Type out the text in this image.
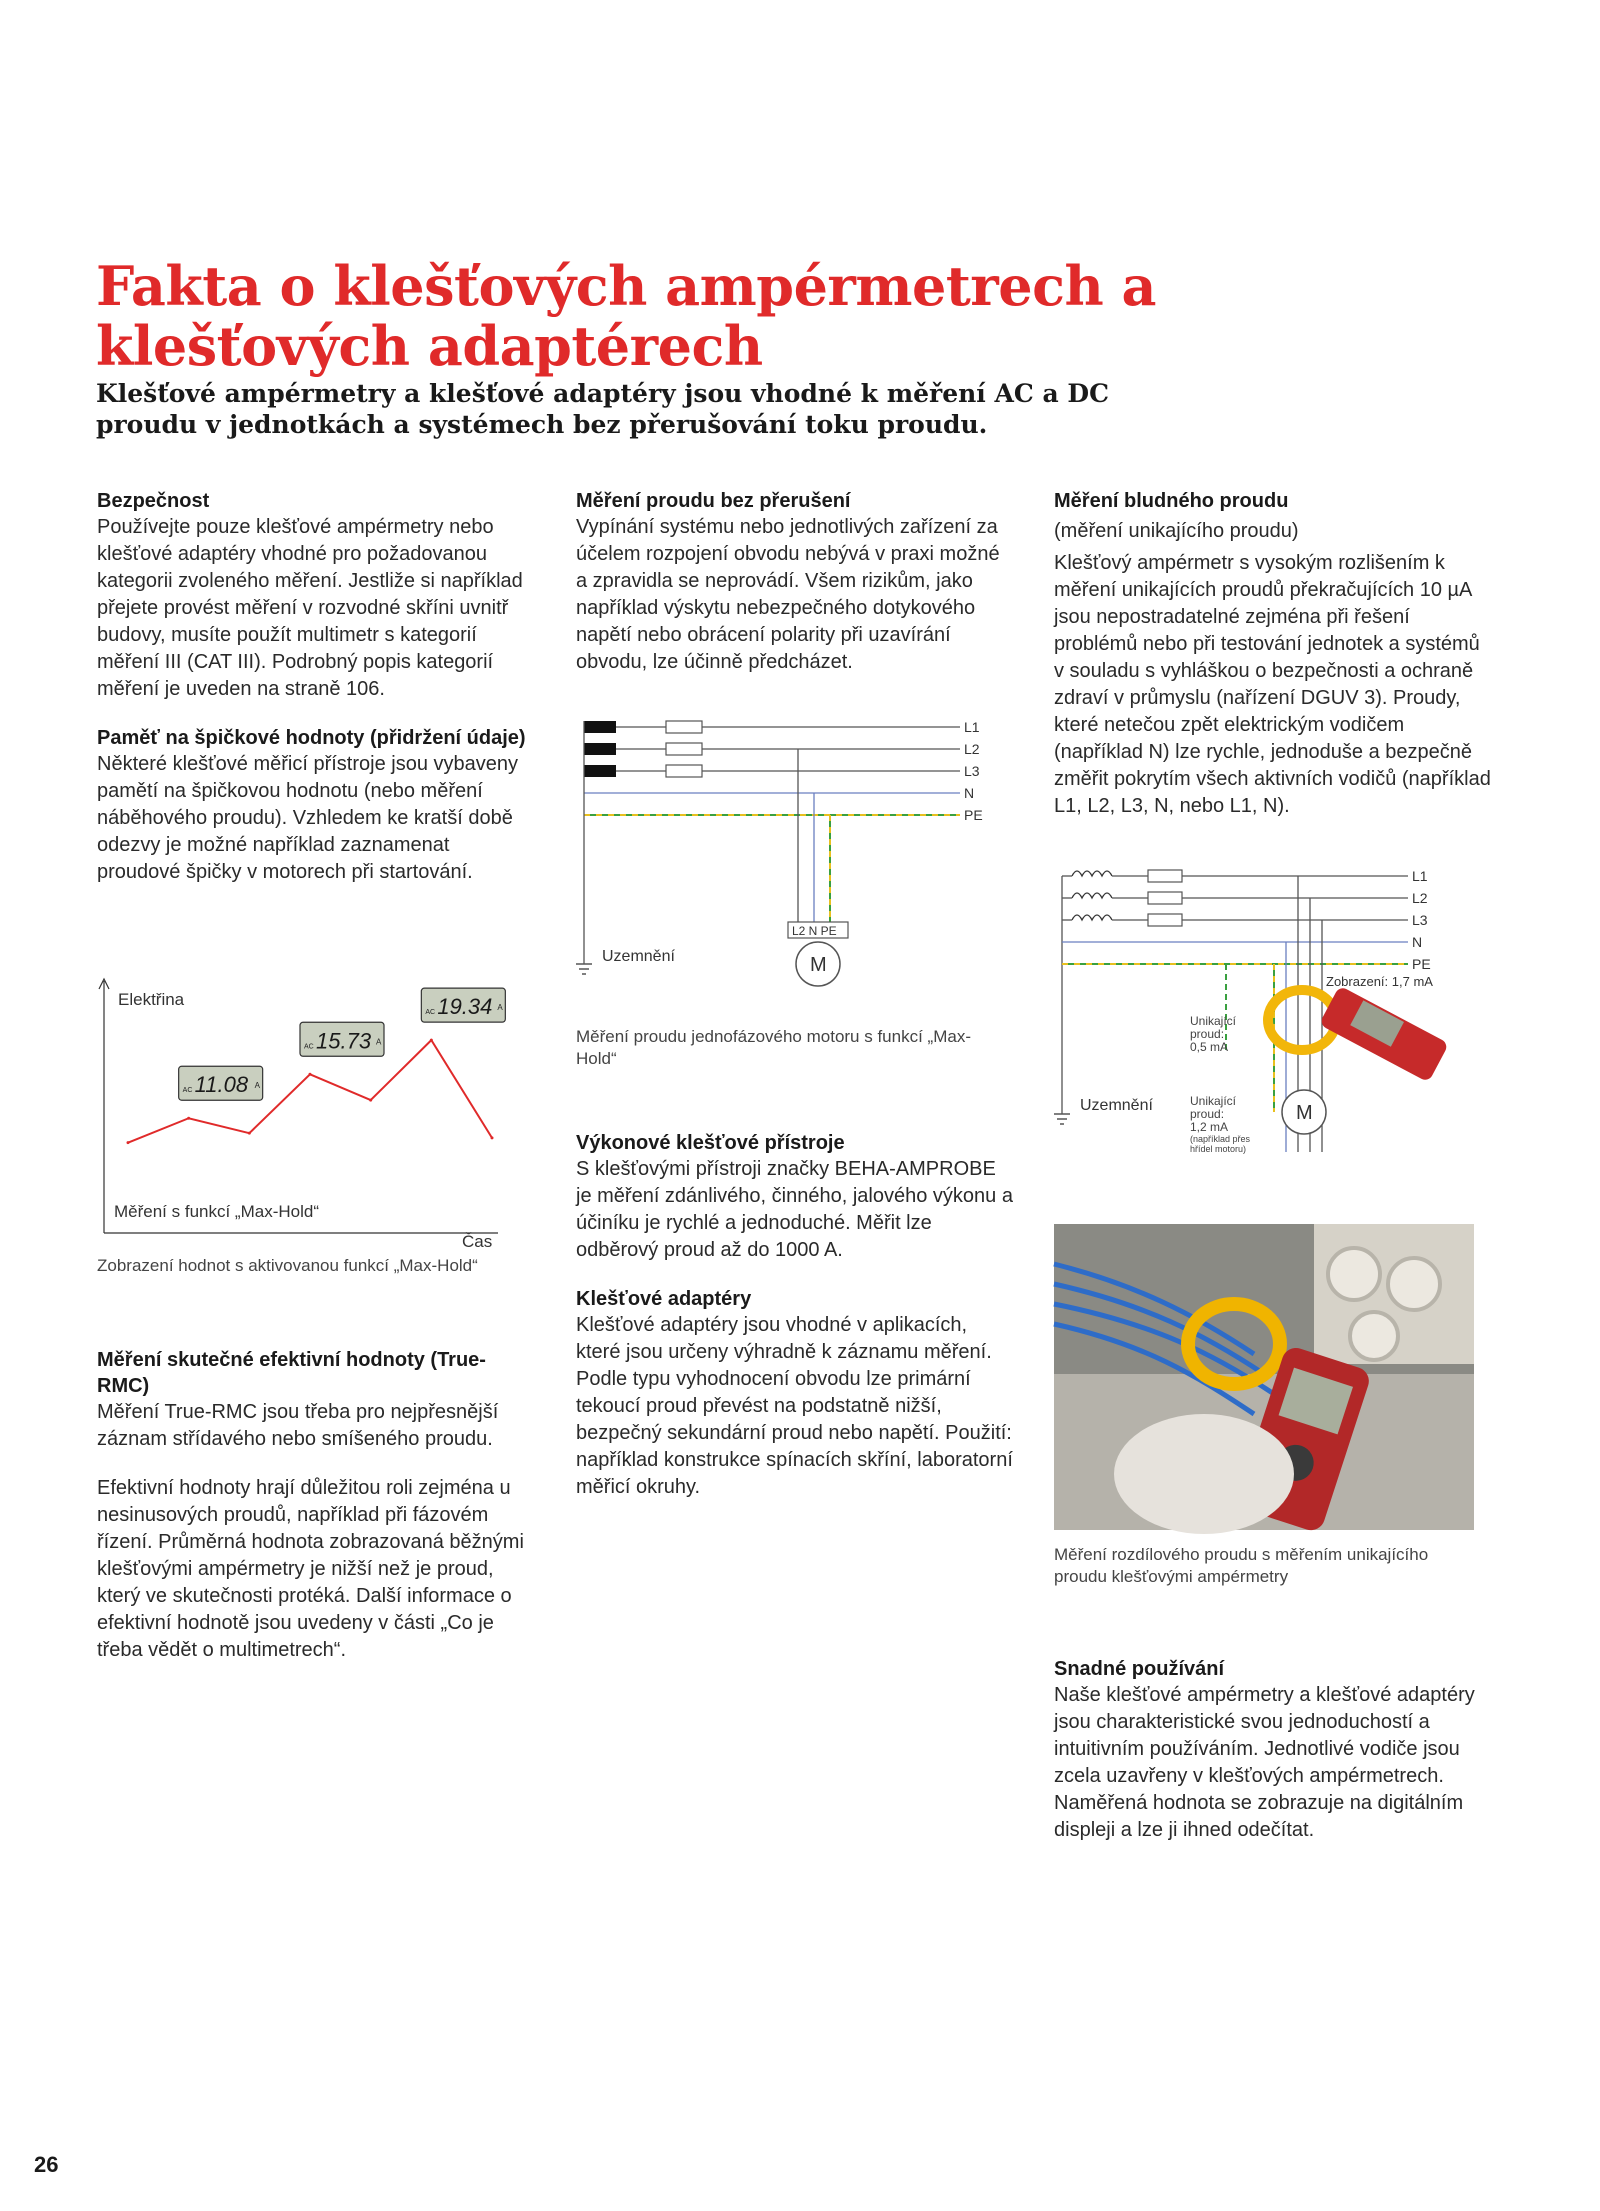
Fakta o klešťových ampérmetrech a
klešťových adaptérech
Klešťové ampérmetry a klešťové adaptéry jsou vhodné k měření AC a DC proudu v jednotkách a systémech bez přerušování toku proudu.
Bezpečnost

Používejte pouze klešťové ampérmetry nebo klešťové adaptéry vhodné pro požadovanou kategorii zvoleného měření. Jestliže si například přejete provést měření v rozvodné skříni uvnitř budovy, musíte použít multimetr s kategorií měření III (CAT III). Podrobný popis kategorií měření je uveden na straně 106.

Paměť na špičkové hodnoty (přidržení údaje)

Některé klešťové měřicí přístroje jsou vybaveny pamětí na špičkovou hodnotu (nebo měření náběhového proudu). Vzhledem ke kratší době odezvy je možné například zaznamenat proudové špičky v motorech při startování.

Elektřina
Měření s funkcí „Max-Hold“
Čas
AC 11.08 A
AC 15.73 A
AC 19.34 A
Zobrazení hodnot s aktivovanou funkcí „Max-Hold“
Měření skutečné efektivní hodnoty (True-RMC)

Měření True-RMC jsou třeba pro nejpřesnější záznam střídavého nebo smíšeného proudu.

Efektivní hodnoty hrají důležitou roli zejména u nesinusových proudů, například při fázovém řízení. Průměrná hodnota zobrazovaná běžnými klešťovými ampérmetry je nižší než je proud, který ve skutečnosti protéká. Další informace o efektivní hodnotě jsou uvedeny v části „Co je třeba vědět o multimetrech“.

Měření proudu bez přerušení

Vypínání systému nebo jednotlivých zařízení za účelem rozpojení obvodu nebývá v praxi možné a zpravidla se neprovádí. Všem rizikům, jako například výskytu nebezpečného dotykového napětí nebo obrácení polarity při uzavírání obvodu, lze účinně předcházet.

L1
L2
L3
N
PE
Uzemnění
L2 N PE
M
Měření proudu jednofázového motoru s funkcí „Max-Hold“
Výkonové klešťové přístroje

S klešťovými přístroji značky BEHA-AMPROBE je měření zdánlivého, činného, jalového výkonu a účiníku je rychlé a jednoduché. Měřit lze odběrový proud až do 1000 A.

Klešťové adaptéry

Klešťové adaptéry jsou vhodné v aplikacích, které jsou určeny výhradně k záznamu měření. Podle typu vyhodnocení obvodu lze primární tekoucí proud převést na podstatně nižší, bezpečný sekundární proud nebo napětí. Použití: například konstrukce spínacích skříní, laboratorní měřicí okruhy.

Měření bludného proudu
(měření unikajícího proudu)

Klešťový ampérmetr s vysokým rozlišením k měření unikajících proudů překračujících 10 µA jsou nepostradatelné zejména při řešení problémů nebo při testování jednotek a systémů v souladu s vyhláškou o bezpečnosti a ochraně zdraví v průmyslu (nařízení DGUV 3). Proudy, které netečou zpět elektrickým vodičem (například N) lze rychle, jednoduše a bezpečně změřit pokrytím všech aktivních vodičů (například L1, L2, L3, N, nebo L1, N).

L1
L2
L3
N
PE
Zobrazení: 1,7 mA
Unikající
proud:
0,5 mA
Unikající
proud:
1,2 mA
(například přes
hřídel motoru)
Uzemnění	M
Měření rozdílového proudu s měřením unikajícího proudu klešťovými ampérmetry
Snadné používání

Naše klešťové ampérmetry a klešťové adaptéry jsou charakteristické svou jednoduchostí a intuitivním používáním. Jednotlivé vodiče jsou zcela uzavřeny v klešťových ampérmetrech. Naměřená hodnota se zobrazuje na digitálním displeji a lze ji ihned odečítat.

26
